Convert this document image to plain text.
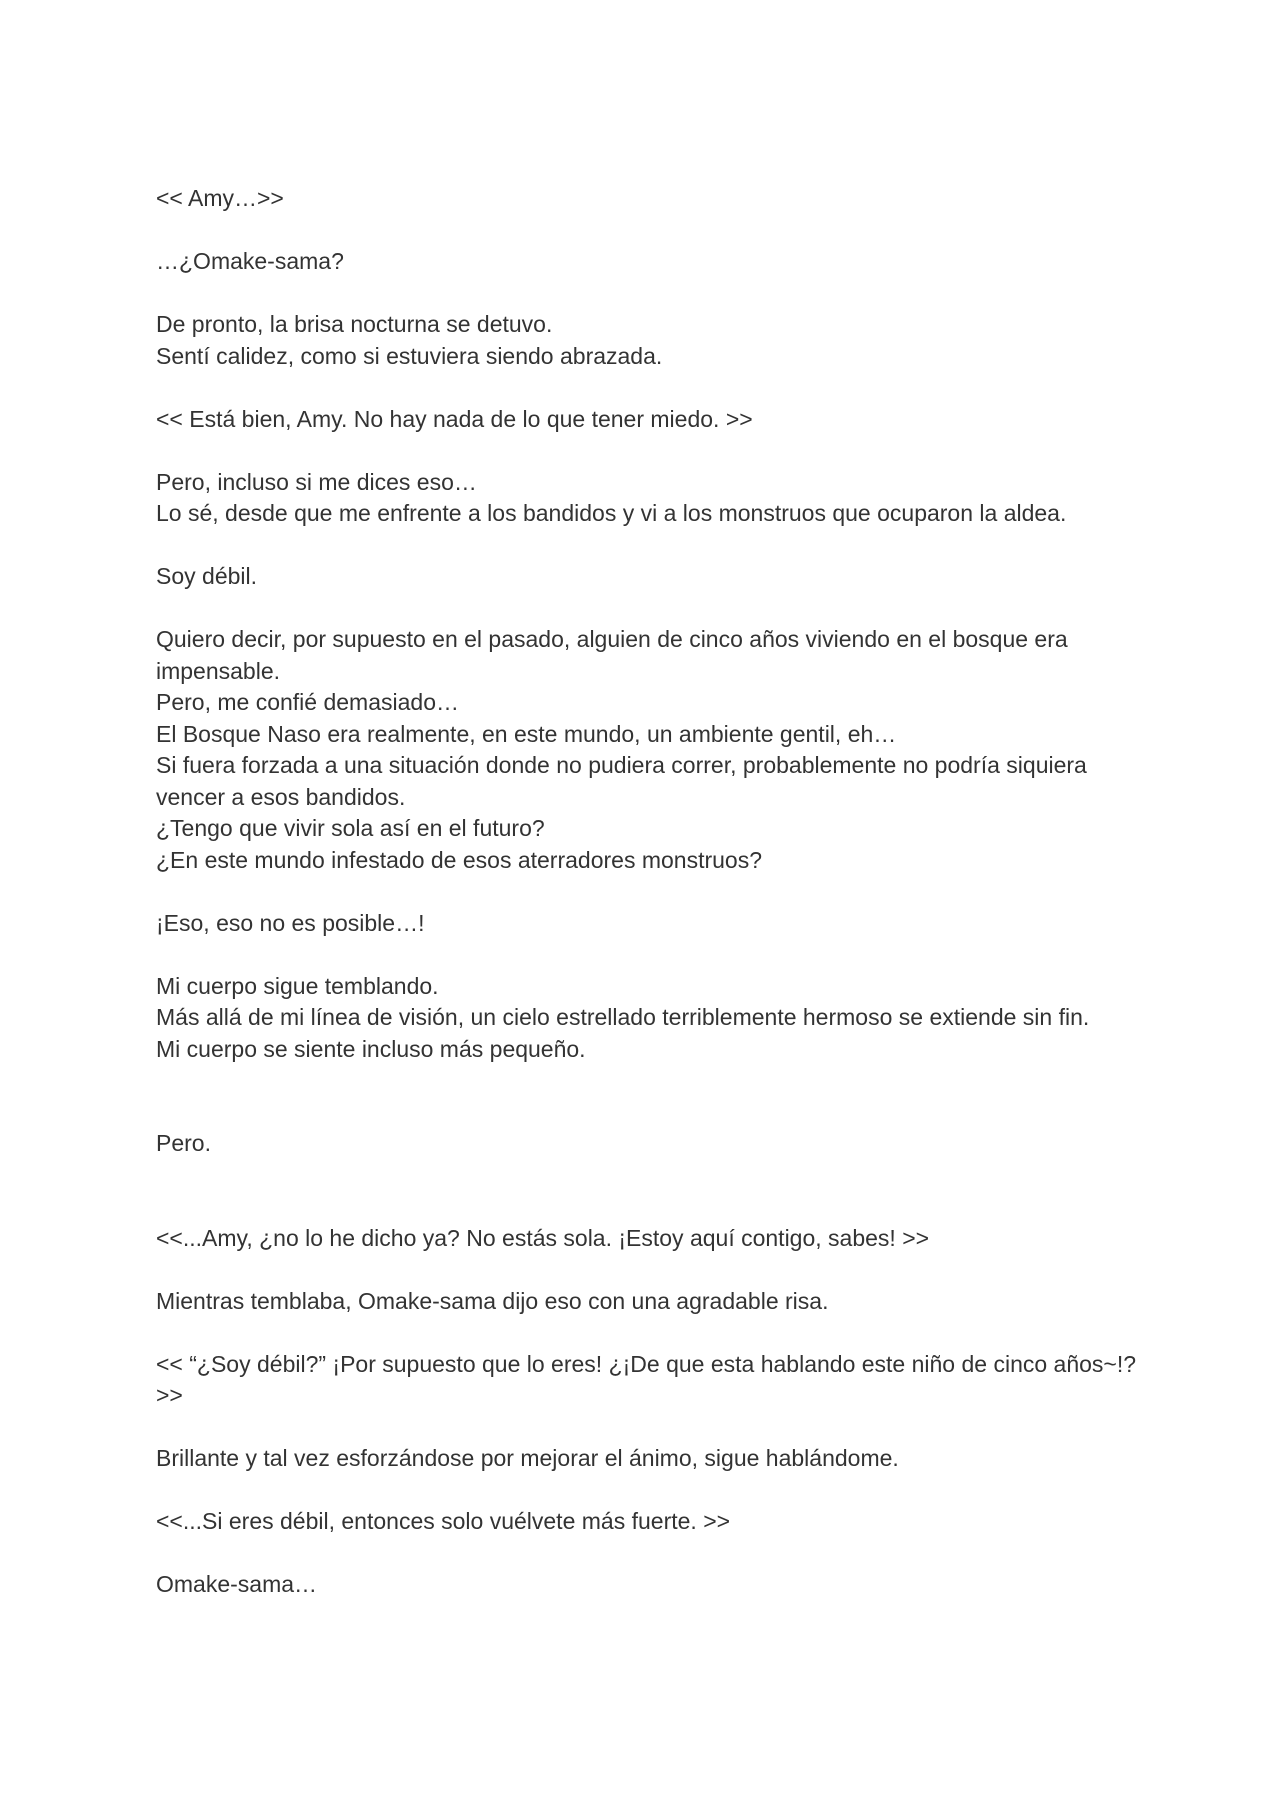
<< Amy…>>

…¿Omake-sama?

De pronto, la brisa nocturna se detuvo.
Sentí calidez, como si estuviera siendo abrazada.

<< Está bien, Amy. No hay nada de lo que tener miedo. >>

Pero, incluso si me dices eso…
Lo sé, desde que me enfrente a los bandidos y vi a los monstruos que ocuparon la aldea.

Soy débil.

Quiero decir, por supuesto en el pasado, alguien de cinco años viviendo en el bosque era impensable.
Pero, me confié demasiado…
El Bosque Naso era realmente, en este mundo, un ambiente gentil, eh…
Si fuera forzada a una situación donde no pudiera correr, probablemente no podría siquiera vencer a esos bandidos.
¿Tengo que vivir sola así en el futuro?
¿En este mundo infestado de esos aterradores monstruos?

¡Eso, eso no es posible…!

Mi cuerpo sigue temblando.
Más allá de mi línea de visión, un cielo estrellado terriblemente hermoso se extiende sin fin.
Mi cuerpo se siente incluso más pequeño.

Pero.

<<...Amy, ¿no lo he dicho ya? No estás sola. ¡Estoy aquí contigo, sabes! >>

Mientras temblaba, Omake-sama dijo eso con una agradable risa.

<< “¿Soy débil?” ¡Por supuesto que lo eres! ¿¡De que esta hablando este niño de cinco años~!?>>

Brillante y tal vez esforzándose por mejorar el ánimo, sigue hablándome.

<<...Si eres débil, entonces solo vuélvete más fuerte. >>

Omake-sama…
